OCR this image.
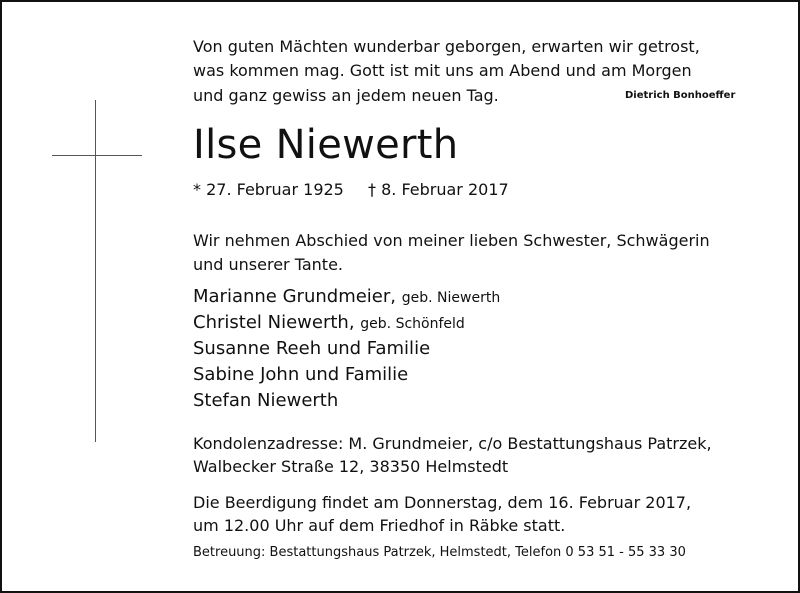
Von guten Mächten wunderbar geborgen, erwarten wir getrost,
was kommen mag. Gott ist mit uns am Abend und am Morgen
und ganz gewiss an jedem neuen Tag.	Dietrich Bonhoeffer
Ilse Niewerth
* 27. Februar 1925 † 8. Februar 2017
Wir nehmen Abschied von meiner lieben Schwester, Schwägerin
und unserer Tante.
Marianne Grundmeier, geb. Niewerth
Christel Niewerth, geb. Schönfeld
Susanne Reeh und Familie
Sabine John und Familie
Stefan Niewerth
Kondolenzadresse: M. Grundmeier, c/o Bestattungshaus Patrzek,
Walbecker Straße 12, 38350 Helmstedt
Die Beerdigung findet am Donnerstag, dem 16. Februar 2017,
um 12.00 Uhr auf dem Friedhof in Räbke statt.
Betreuung: Bestattungshaus Patrzek, Helmstedt, Telefon 0 53 51 - 55 33 30
